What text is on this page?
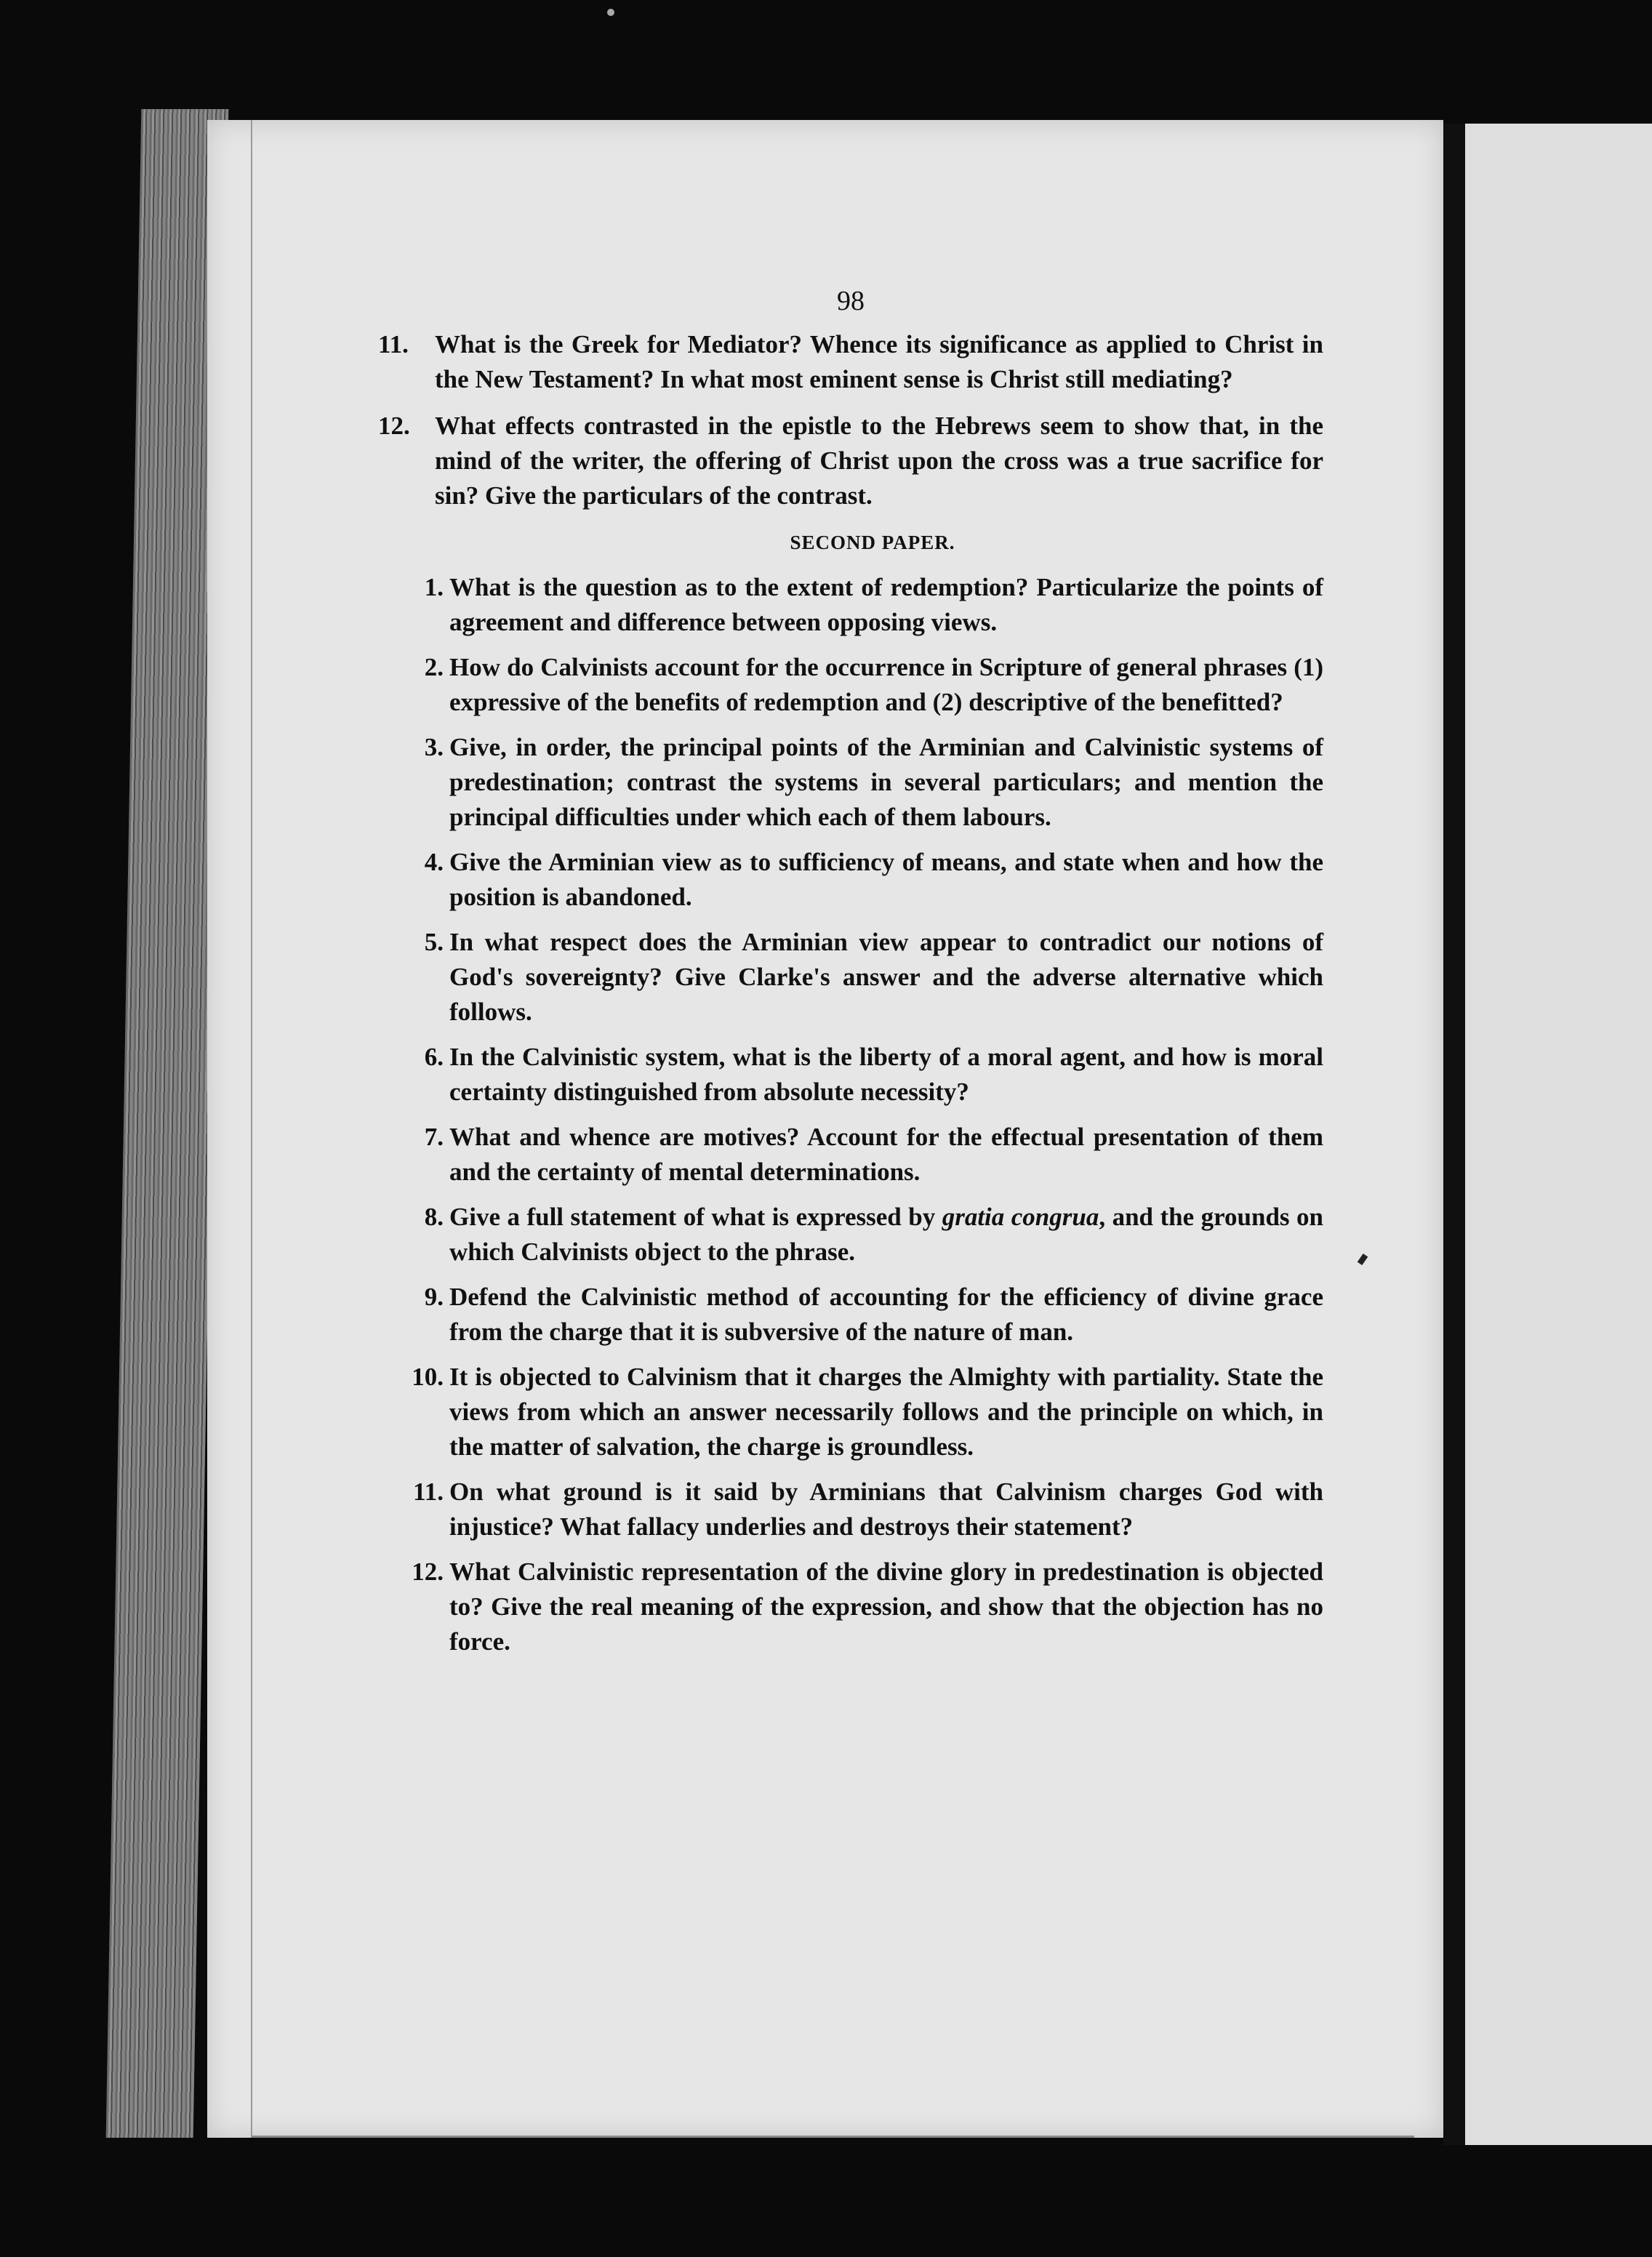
98
11.	What is the Greek for Mediator? Whence its significance as applied to Christ in the New Testament? In what most eminent sense is Christ still mediating?
12. What effects contrasted in the epistle to the Hebrews seem to show that, in the mind of the writer, the offering of Christ upon the cross was a true sacrifice for sin? Give the particulars of the contrast.
SECOND PAPER.
1. What is the question as to the extent of redemption? Particularize the points of agreement and difference between opposing views.
2. How do Calvinists account for the occurrence in Scripture of general phrases (1) expressive of the benefits of redemption and (2) descriptive of the benefitted?
3. Give, in order, the principal points of the Arminian and Calvinistic systems of predestination; contrast the systems in several particulars; and mention the principal difficulties under which each of them labours.
4. Give the Arminian view as to sufficiency of means, and state when and how the position is abandoned.
5. In what respect does the Arminian view appear to contradict our notions of God's sovereignty? Give Clarke's answer and the adverse alternative which follows.
6. In the Calvinistic system, what is the liberty of a moral agent, and how is moral certainty distinguished from absolute necessity?
7. What and whence are motives? Account for the effectual presentation of them and the certainty of mental determinations.
8. Give a full statement of what is expressed by gratia congrua, and the grounds on which Calvinists object to the phrase.
9. Defend the Calvinistic method of accounting for the efficiency of divine grace from the charge that it is subversive of the nature of man.
10. It is objected to Calvinism that it charges the Almighty with partiality. State the views from which an answer necessarily follows and the principle on which, in the matter of salvation, the charge is groundless.
11. On what ground is it said by Arminians that Calvinism charges God with injustice? What fallacy underlies and destroys their statement?
12. What Calvinistic representation of the divine glory in predestination is objected to? Give the real meaning of the expression, and show that the objection has no force.
